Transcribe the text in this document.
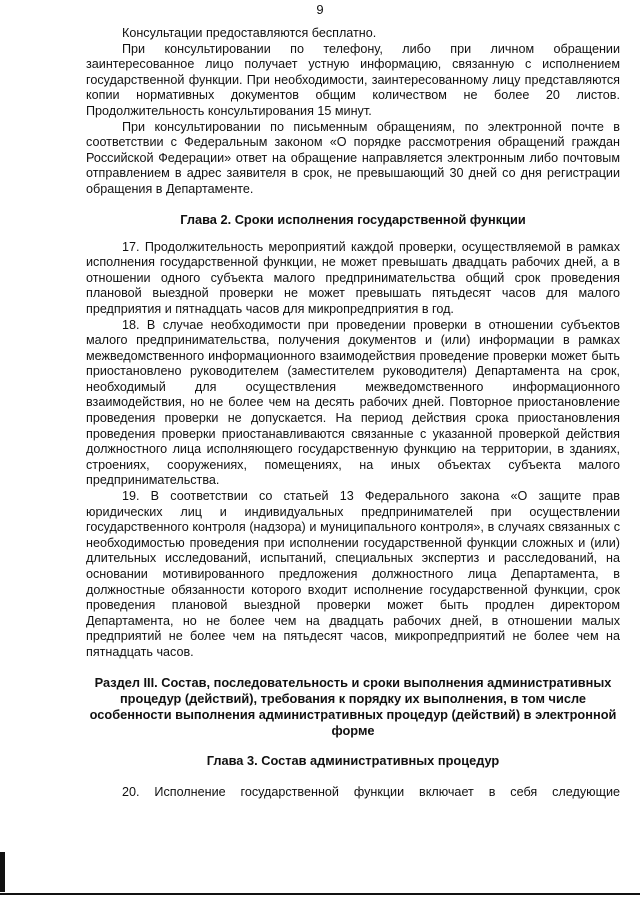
9

Консультации предоставляются бесплатно.

При консультировании по телефону, либо при личном обращении заинтересованное лицо получает устную информацию, связанную с исполнением государственной функции. При необходимости, заинтересованному лицу представляются копии нормативных документов общим количеством не более 20 листов. Продолжительность консультирования 15 минут.

При консультировании по письменным обращениям, по электронной почте в соответствии с Федеральным законом «О порядке рассмотрения обращений граждан Российской Федерации» ответ на обращение направляется электронным либо почтовым отправлением в адрес заявителя в срок, не превышающий 30 дней со дня регистрации обращения в Департаменте.

Глава 2. Сроки исполнения государственной функции

17. Продолжительность мероприятий каждой проверки, осуществляемой в рамках исполнения государственной функции, не может превышать двадцать рабочих дней, а в отношении одного субъекта малого предпринимательства общий срок проведения плановой выездной проверки не может превышать пятьдесят часов для малого предприятия и пятнадцать часов для микропредприятия в год.

18. В случае необходимости при проведении проверки в отношении субъектов малого предпринимательства, получения документов и (или) информации в рамках межведомственного информационного взаимодействия проведение проверки может быть приостановлено руководителем (заместителем руководителя) Департамента на срок, необходимый для осуществления межведомственного информационного взаимодействия, но не более чем на десять рабочих дней. Повторное приостановление проведения проверки не допускается. На период действия срока приостановления проведения проверки приостанавливаются связанные с указанной проверкой действия должностного лица исполняющего государственную функцию на территории, в зданиях, строениях, сооружениях, помещениях, на иных объектах субъекта малого предпринимательства.

19. В соответствии со статьей 13 Федерального закона «О защите прав юридических лиц и индивидуальных предпринимателей при осуществлении государственного контроля (надзора) и муниципального контроля», в случаях связанных с необходимостью проведения при исполнении государственной функции сложных и (или) длительных исследований, испытаний, специальных экспертиз и расследований, на основании мотивированного предложения должностного лица Департамента, в должностные обязанности которого входит исполнение государственной функции, срок проведения плановой выездной проверки может быть продлен директором Департамента, но не более чем на двадцать рабочих дней, в отношении малых предприятий не более чем на пятьдесят часов, микропредприятий не более чем на пятнадцать часов.

Раздел III. Состав, последовательность и сроки выполнения административных процедур (действий), требования к порядку их выполнения, в том числе особенности выполнения административных процедур (действий) в электронной форме
Глава 3. Состав административных процедур

20. Исполнение государственной функции включает в себя следующие
